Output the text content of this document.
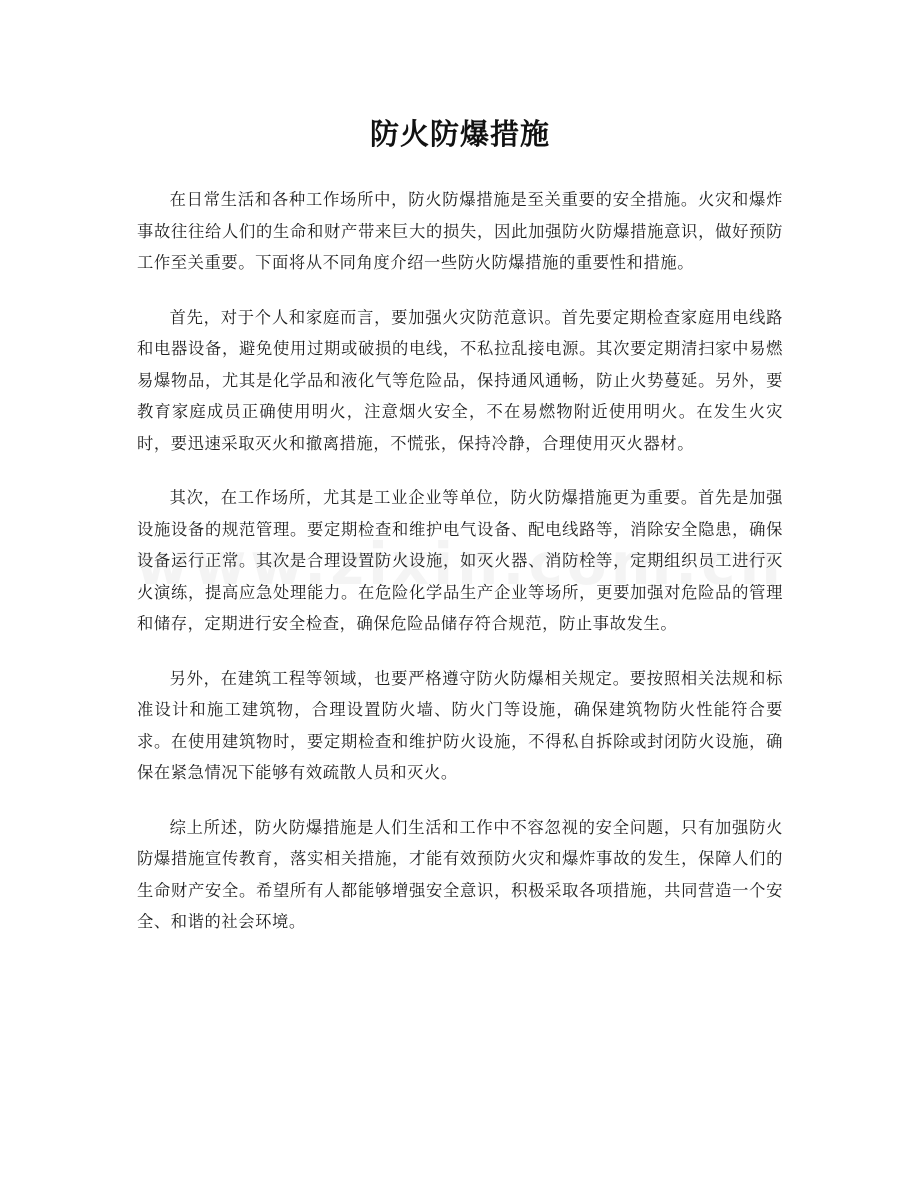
防火防爆措施

在日常生活和各种工作场所中，防火防爆措施是至关重要的安全措施。火灾和爆炸事故往往给人们的生命和财产带来巨大的损失，因此加强防火防爆措施意识，做好预防工作至关重要。下面将从不同角度介绍一些防火防爆措施的重要性和措施。

首先，对于个人和家庭而言，要加强火灾防范意识。首先要定期检查家庭用电线路和电器设备，避免使用过期或破损的电线，不私拉乱接电源。其次要定期清扫家中易燃易爆物品，尤其是化学品和液化气等危险品，保持通风通畅，防止火势蔓延。另外，要教育家庭成员正确使用明火，注意烟火安全，不在易燃物附近使用明火。在发生火灾时，要迅速采取灭火和撤离措施，不慌张，保持冷静，合理使用灭火器材。

其次，在工作场所，尤其是工业企业等单位，防火防爆措施更为重要。首先是加强设施设备的规范管理。要定期检查和维护电气设备、配电线路等，消除安全隐患，确保设备运行正常。其次是合理设置防火设施，如灭火器、消防栓等，定期组织员工进行灭火演练，提高应急处理能力。在危险化学品生产企业等场所，更要加强对危险品的管理和储存，定期进行安全检查，确保危险品储存符合规范，防止事故发生。

另外，在建筑工程等领域，也要严格遵守防火防爆相关规定。要按照相关法规和标准设计和施工建筑物，合理设置防火墙、防火门等设施，确保建筑物防火性能符合要求。在使用建筑物时，要定期检查和维护防火设施，不得私自拆除或封闭防火设施，确保在紧急情况下能够有效疏散人员和灭火。

综上所述，防火防爆措施是人们生活和工作中不容忽视的安全问题，只有加强防火防爆措施宣传教育，落实相关措施，才能有效预防火灾和爆炸事故的发生，保障人们的生命财产安全。希望所有人都能够增强安全意识，积极采取各项措施，共同营造一个安全、和谐的社会环境。
